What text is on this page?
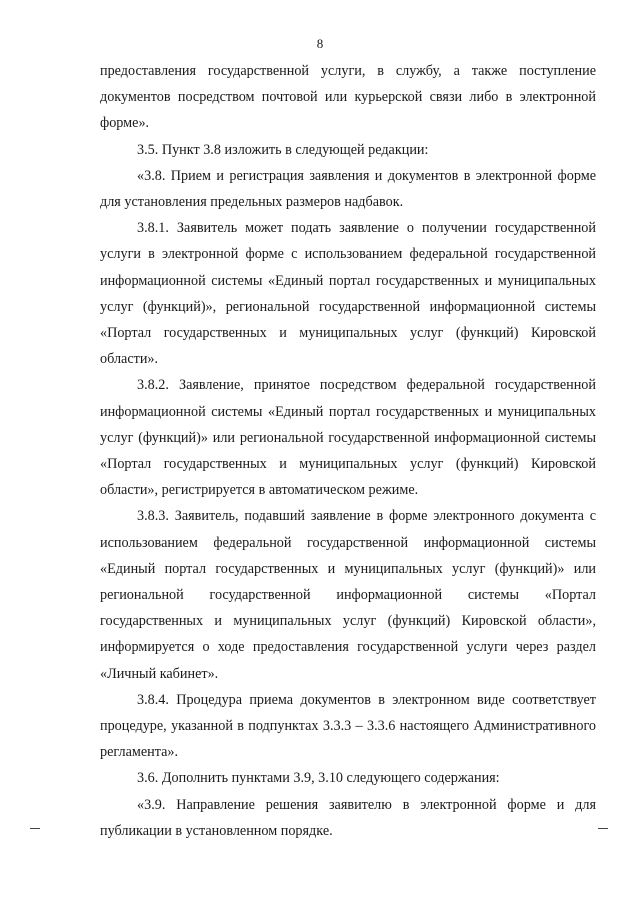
8

предоставления государственной услуги, в службу, а также поступление документов посредством почтовой или курьерской связи либо в электронной форме».

3.5. Пункт 3.8 изложить в следующей редакции:

«3.8. Прием и регистрация заявления и документов в электронной форме для установления предельных размеров надбавок.

3.8.1. Заявитель может подать заявление о получении государственной услуги в электронной форме с использованием федеральной государственной информационной системы «Единый портал государственных и муниципальных услуг (функций)», региональной государственной информационной системы «Портал государственных и муниципальных услуг (функций) Кировской области».

3.8.2. Заявление, принятое посредством федеральной государственной информационной системы «Единый портал государственных и муниципальных услуг (функций)» или региональной государственной информационной системы «Портал государственных и муниципальных услуг (функций) Кировской области», регистрируется в автоматическом режиме.

3.8.3. Заявитель, подавший заявление в форме электронного документа с использованием федеральной государственной информационной системы «Единый портал государственных и муниципальных услуг (функций)» или региональной государственной информационной системы «Портал государственных и муниципальных услуг (функций) Кировской области», информируется о ходе предоставления государственной услуги через раздел «Личный кабинет».

3.8.4. Процедура приема документов в электронном виде соответствует процедуре, указанной в подпунктах 3.3.3 – 3.3.6 настоящего Административного регламента».

3.6. Дополнить пунктами 3.9, 3.10 следующего содержания:

«3.9. Направление решения заявителю в электронной форме и для публикации в установленном порядке.
